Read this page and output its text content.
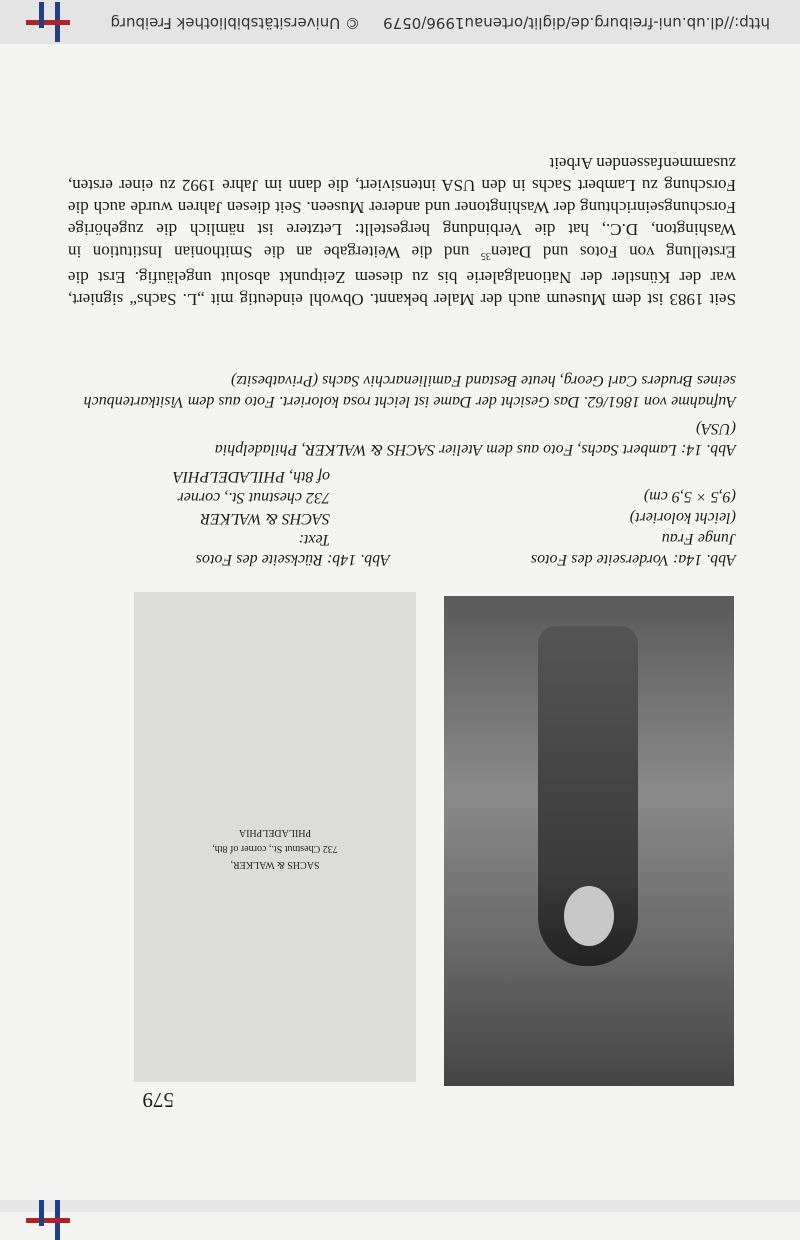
579
SACHS & WALKER,
732 Chestnut St., corner of 8th,
PHILADELPHIA
Abb. 14a: Vorderseite des Fotos
Junge Frau
(leicht koloriert)
(9,5 × 5,9 cm)
Abb. 14b: Rückseite des Fotos
Text:
SACHS & WALKER
732 chestnut St., corner
of 8th, PHILADELPHIA
Abb. 14: Lambert Sachs, Foto aus dem Atelier SACHS & WALKER, Philadelphia
(USA)
Aufnahme von 1861/62. Das Gesicht der Dame ist leicht rosa koloriert. Foto aus dem Visitkartenbuch seines Bruders Carl Georg, heute Bestand Familienarchiv Sachs (Privatbesitz)
Seit 1983 ist dem Museum auch der Maler bekannt. Obwohl eindeutig mit „L. Sachs“ signiert, war der Künstler der Nationalgalerie bis zu diesem Zeitpunkt absolut ungeläufig. Erst die Erstellung von Fotos und Daten$^{35}$ und die Weitergabe an die Smithonian Institution in Washington, D.C., hat die Verbindung hergestellt: Letztere ist nämlich die zugehörige Forschungseinrichtung der Washingtoner und anderer Museen. Seit diesen Jahren wurde auch die Forschung zu Lambert Sachs in den USA intensiviert, die dann im Jahre 1992 zu einer ersten, zusammenfassenden Arbeit
http://dl.ub.uni-freiburg.de/diglit/ortenau1996/0579
© Universitätsbibliothek Freiburg
